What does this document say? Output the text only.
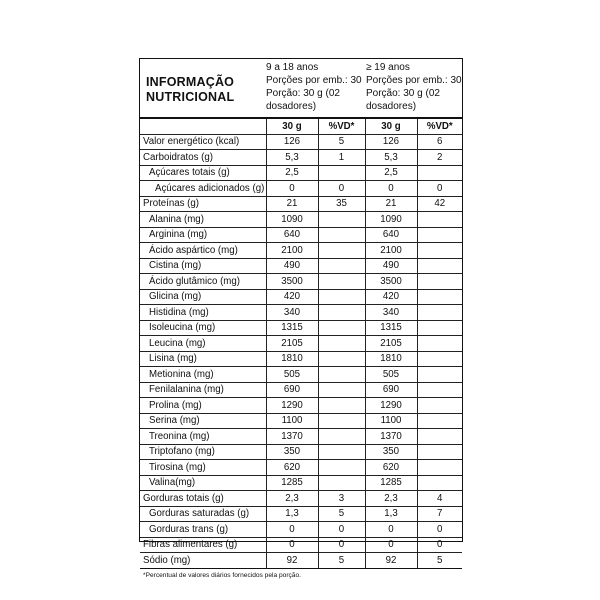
INFORMAÇÃO
NUTRICIONAL
9 a 18 anos
Porções por emb.: 30
Porção: 30 g (02
dosadores)
≥ 19 anos
Porções por emb.: 30
Porção: 30 g (02
dosadores)
	30 g	%VD*	30 g	%VD*
Valor energético (kcal)	126	5	126	6
Carboidratos (g)	5,3	1	5,3	2
Açúcares totais (g)	2,5		2,5	
Açúcares adicionados (g)	0	0	0	0
Proteínas (g)	21	35	21	42
Alanina (mg)	1090		1090	
Arginina (mg)	640		640	
Ácido aspártico (mg)	2100		2100	
Cistina (mg)	490		490	
Ácido glutâmico (mg)	3500		3500	
Glicina (mg)	420		420	
Histidina (mg)	340		340	
Isoleucina (mg)	1315		1315	
Leucina (mg)	2105		2105	
Lisina (mg)	1810		1810	
Metionina (mg)	505		505	
Fenilalanina (mg)	690		690	
Prolina (mg)	1290		1290	
Serina (mg)	1100		1100	
Treonina (mg)	1370		1370	
Triptofano (mg)	350		350	
Tirosina (mg)	620		620	
Valina(mg)	1285		1285	
Gorduras totais (g)	2,3	3	2,3	4
Gorduras saturadas (g)	1,3	5	1,3	7
Gorduras trans (g)	0	0	0	0
Fibras alimentares (g)	0	0	0	0
Sódio (mg)	92	5	92	5
*Percentual de valores diários fornecidos pela porção.
